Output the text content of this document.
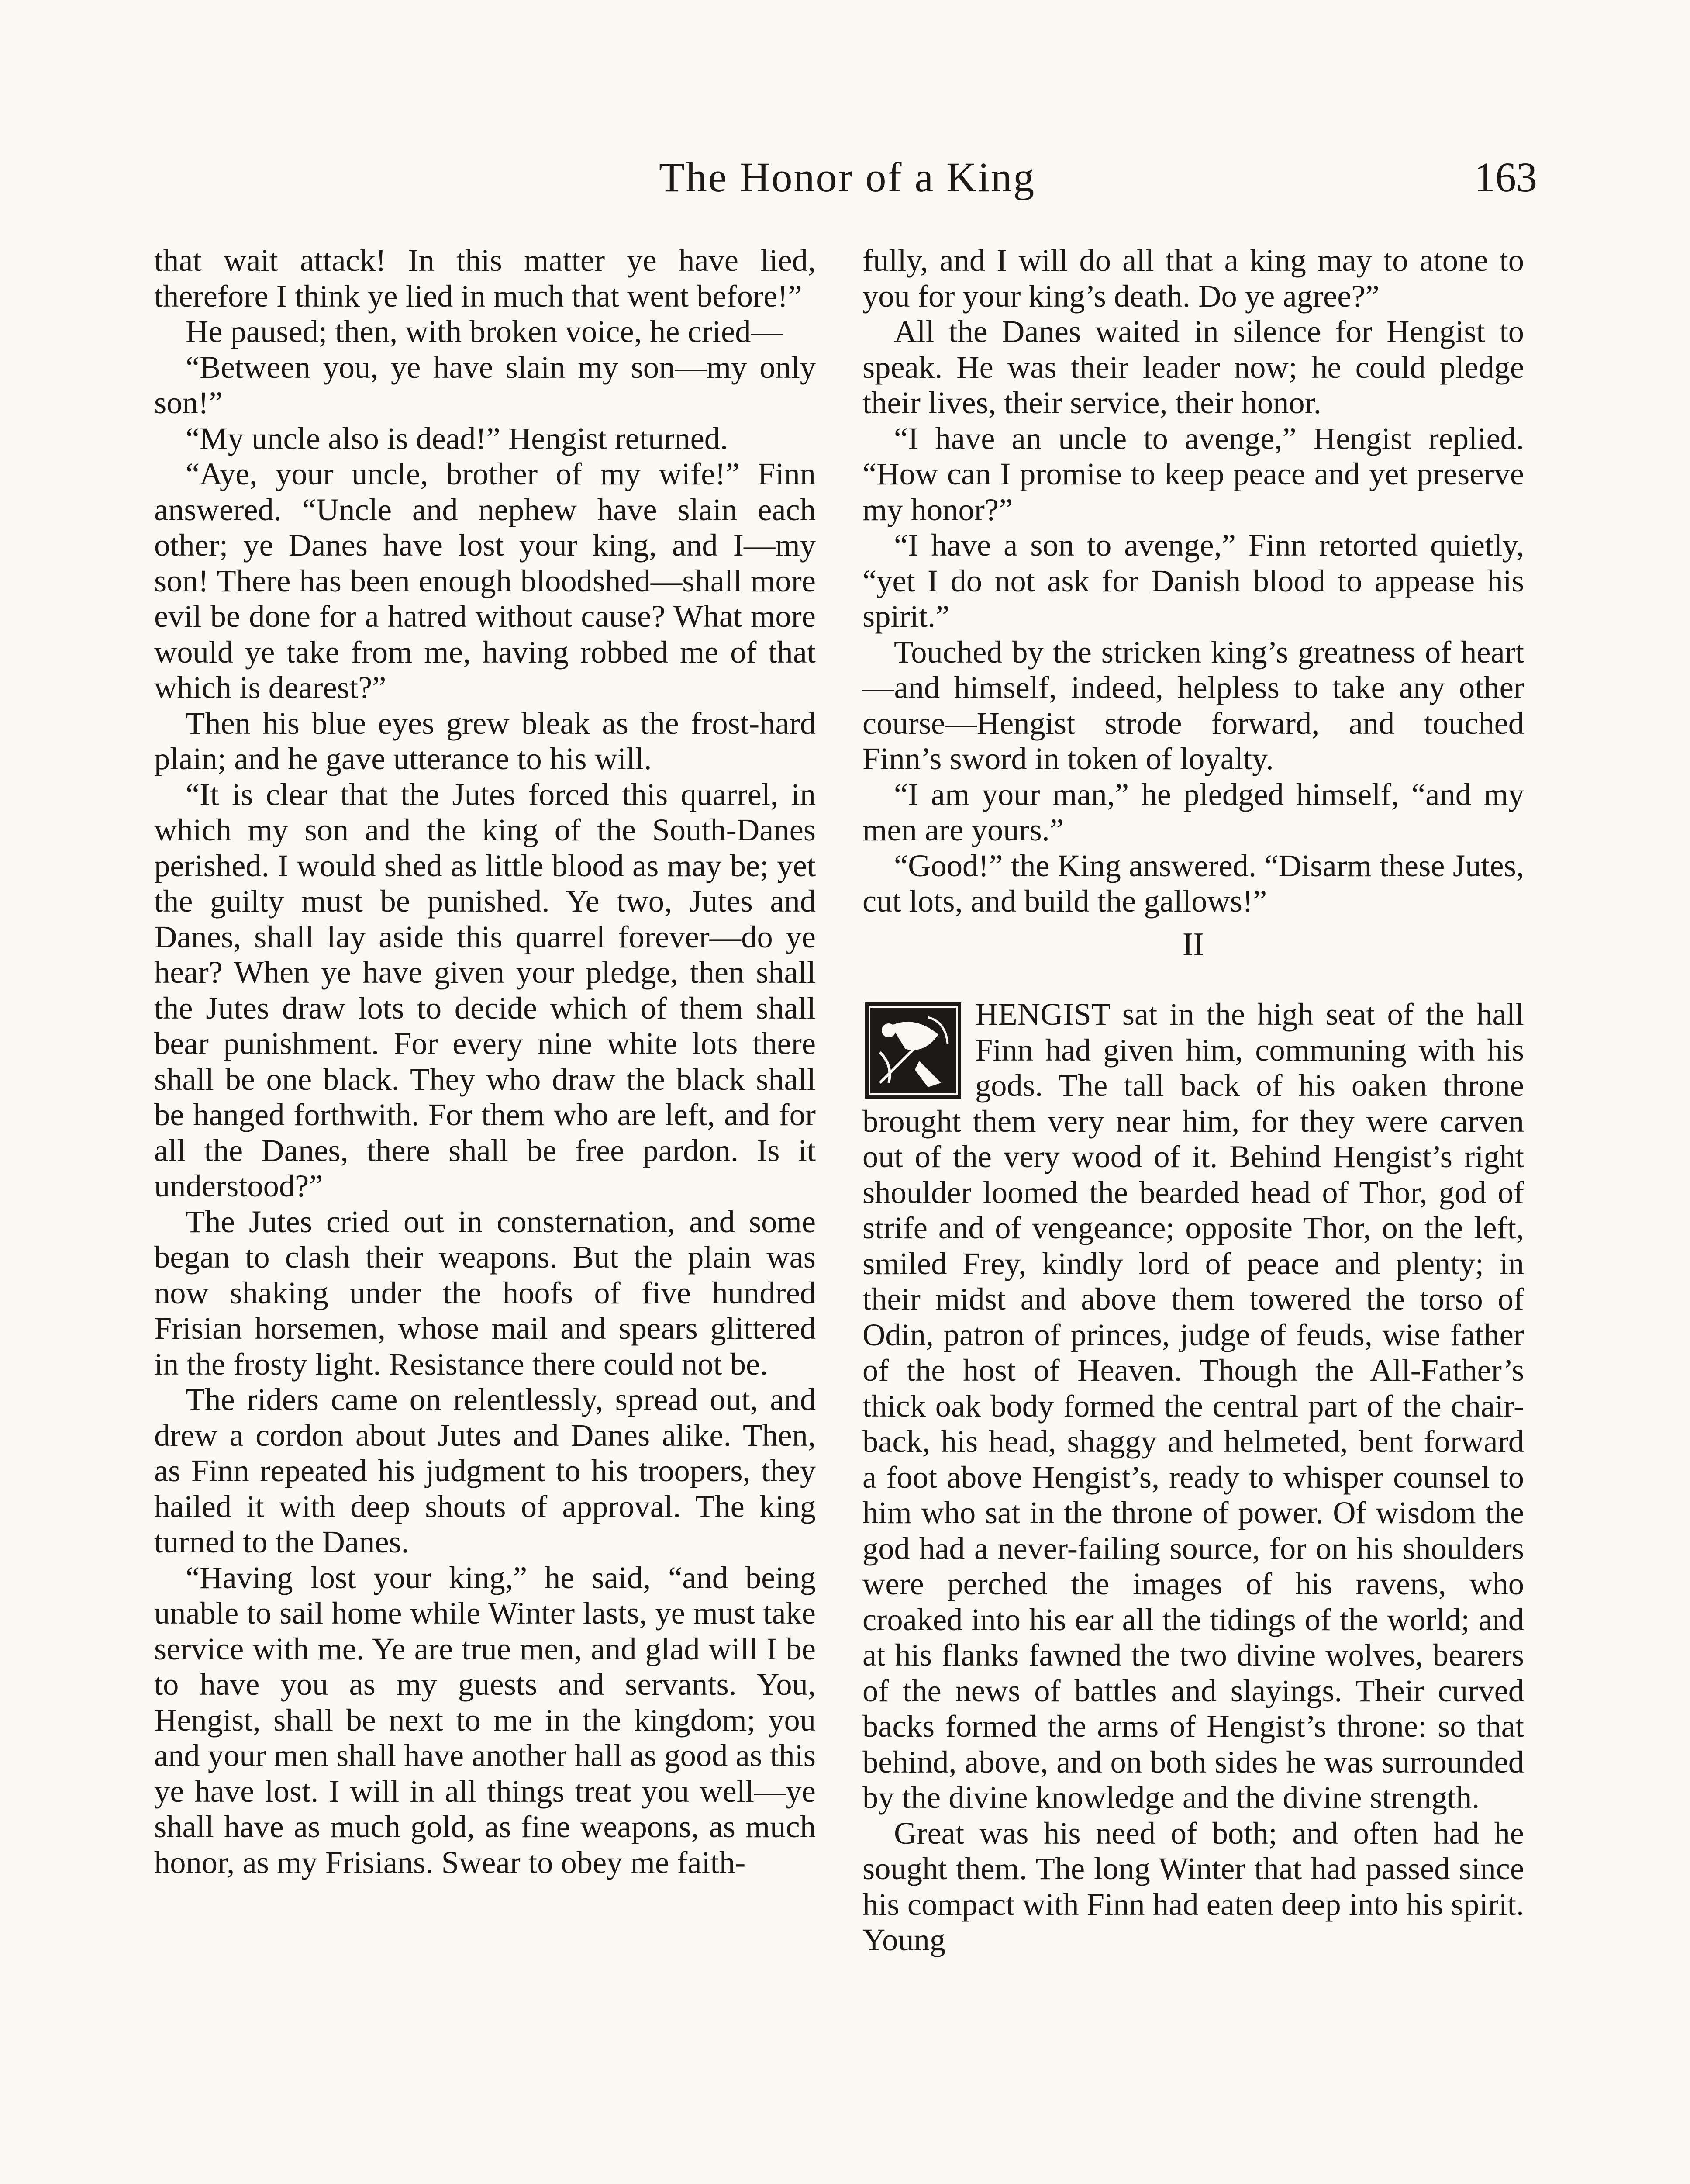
The Honor of a King	163

that wait attack! In this matter ye have lied, therefore I think ye lied in much that went before!”

He paused; then, with broken voice, he cried—

“Between you, ye have slain my son—my only son!”

“My uncle also is dead!” Hengist returned.

“Aye, your uncle, brother of my wife!” Finn answered. “Uncle and nephew have slain each other; ye Danes have lost your king, and I—my son! There has been enough bloodshed—shall more evil be done for a hatred without cause? What more would ye take from me, having robbed me of that which is dearest?”

Then his blue eyes grew bleak as the frost-hard plain; and he gave utterance to his will.

“It is clear that the Jutes forced this quarrel, in which my son and the king of the South-Danes perished. I would shed as little blood as may be; yet the guilty must be punished. Ye two, Jutes and Danes, shall lay aside this quarrel forever—do ye hear? When ye have given your pledge, then shall the Jutes draw lots to decide which of them shall bear punishment. For every nine white lots there shall be one black. They who draw the black shall be hanged forthwith. For them who are left, and for all the Danes, there shall be free pardon. Is it understood?”

The Jutes cried out in consternation, and some began to clash their weapons. But the plain was now shaking under the hoofs of five hundred Frisian horsemen, whose mail and spears glittered in the frosty light. Resistance there could not be.

The riders came on relentlessly, spread out, and drew a cordon about Jutes and Danes alike. Then, as Finn repeated his judgment to his troopers, they hailed it with deep shouts of approval. The king turned to the Danes.

“Having lost your king,” he said, “and being unable to sail home while Winter lasts, ye must take service with me. Ye are true men, and glad will I be to have you as my guests and servants. You, Hengist, shall be next to me in the kingdom; you and your men shall have another hall as good as this ye have lost. I will in all things treat you well—ye shall have as much gold, as fine weapons, as much honor, as my Frisians. Swear to obey me faith-

fully, and I will do all that a king may to atone to you for your king’s death. Do ye agree?”

All the Danes waited in silence for Hengist to speak. He was their leader now; he could pledge their lives, their service, their honor.

“I have an uncle to avenge,” Hengist replied. “How can I promise to keep peace and yet preserve my honor?”

“I have a son to avenge,” Finn retorted quietly, “yet I do not ask for Danish blood to appease his spirit.”

Touched by the stricken king’s greatness of heart—and himself, indeed, helpless to take any other course—Hengist strode forward, and touched Finn’s sword in token of loyalty.

“I am your man,” he pledged himself, “and my men are yours.”

“Good!” the King answered. “Disarm these Jutes, cut lots, and build the gallows!”

II

HENGIST sat in the high seat of the hall Finn had given him, communing with his gods. The tall back of his oaken throne brought them very near him, for they were carven out of the very wood of it. Behind Hengist’s right shoulder loomed the bearded head of Thor, god of strife and of vengeance; opposite Thor, on the left, smiled Frey, kindly lord of peace and plenty; in their midst and above them towered the torso of Odin, patron of princes, judge of feuds, wise father of the host of Heaven. Though the All-Father’s thick oak body formed the central part of the chair-back, his head, shaggy and helmeted, bent forward a foot above Hengist’s, ready to whisper counsel to him who sat in the throne of power. Of wisdom the god had a never-failing source, for on his shoulders were perched the images of his ravens, who croaked into his ear all the tidings of the world; and at his flanks fawned the two divine wolves, bearers of the news of battles and slayings. Their curved backs formed the arms of Hengist’s throne: so that behind, above, and on both sides he was surrounded by the divine knowledge and the divine strength.

Great was his need of both; and often had he sought them. The long Winter that had passed since his compact with Finn had eaten deep into his spirit. Young
